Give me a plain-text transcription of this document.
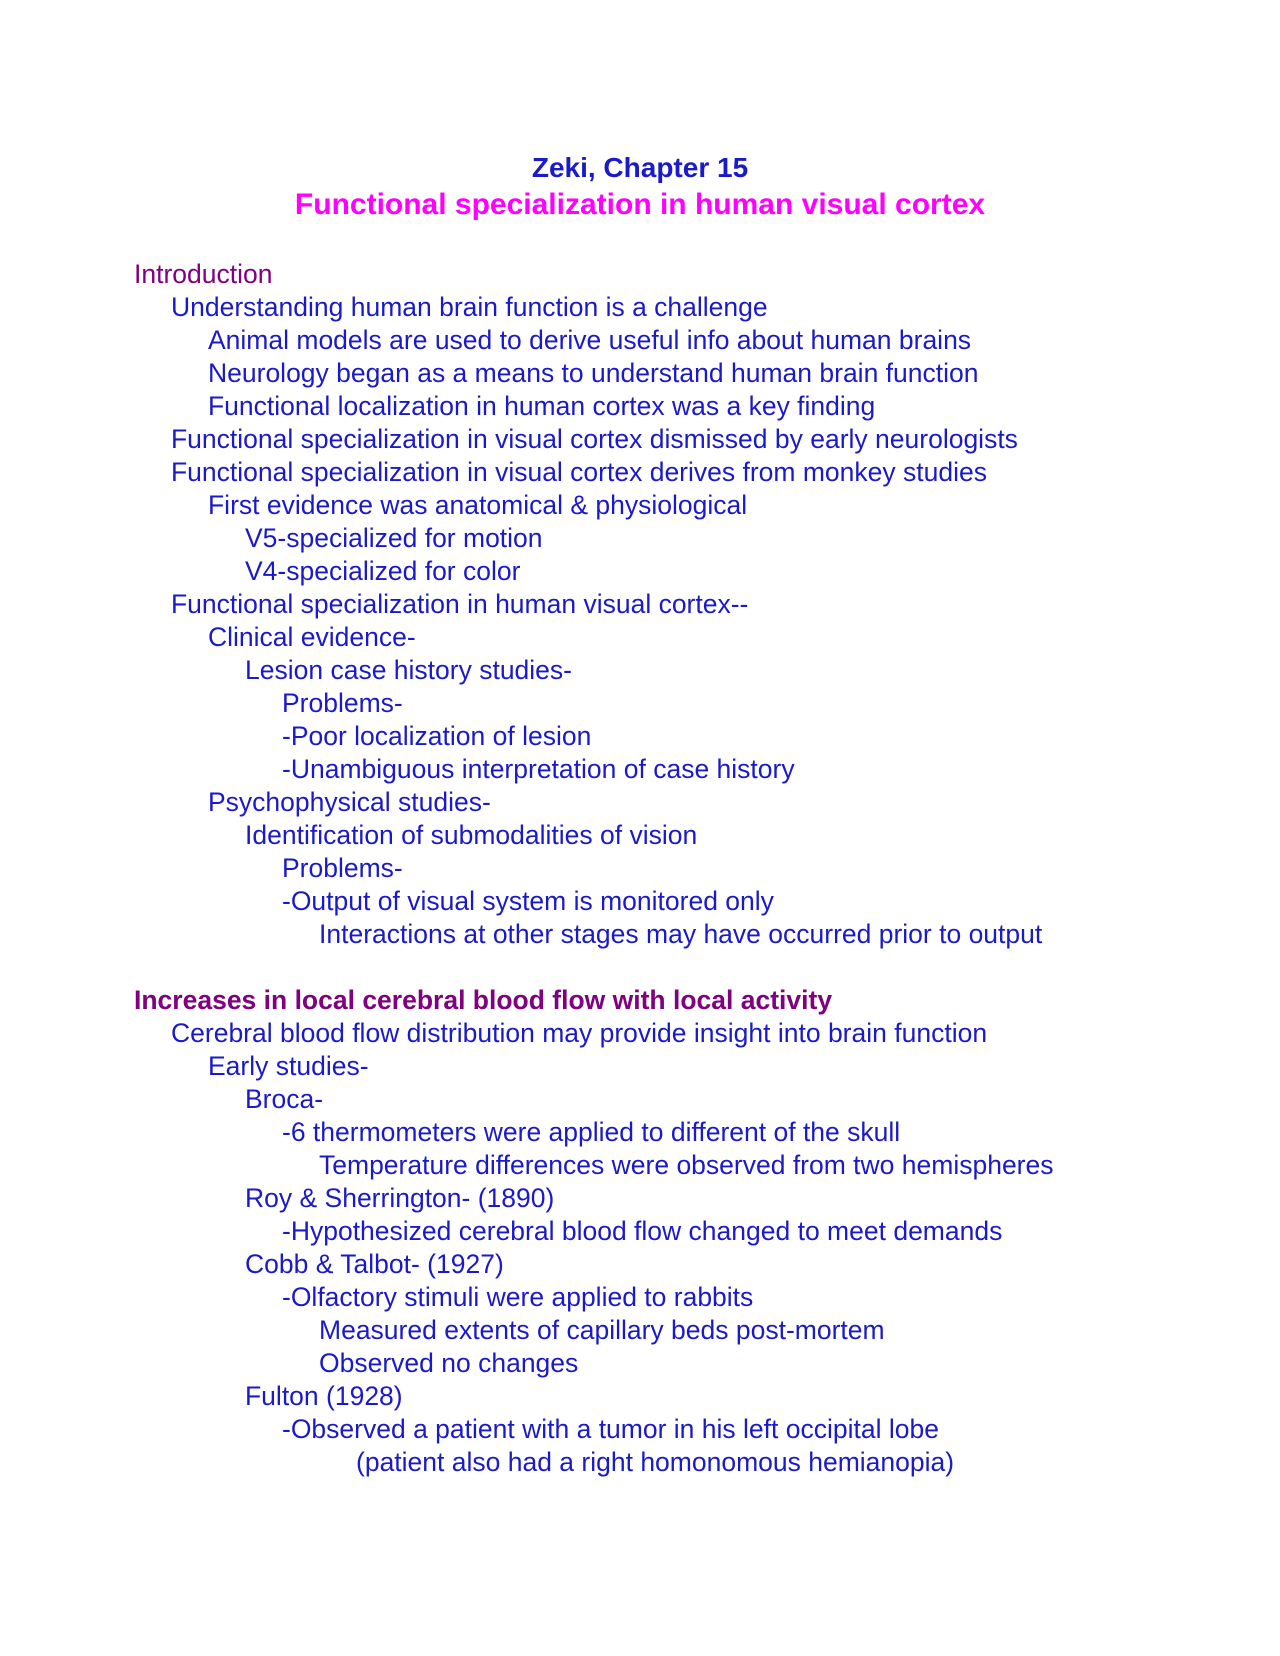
Zeki, Chapter 15
Functional specialization in human visual cortex
Introduction
Understanding human brain function is a challenge
Animal models are used to derive useful info about human brains
Neurology began as a means to understand human brain function
Functional localization in human cortex was a key finding
Functional specialization in visual cortex dismissed by early neurologists
Functional specialization in visual cortex derives from monkey studies
First evidence was anatomical & physiological
V5-specialized for motion
V4-specialized for color
Functional specialization in human visual cortex--
Clinical evidence-
Lesion case history studies-
Problems-
-Poor localization of lesion
-Unambiguous interpretation of case history
Psychophysical studies-
Identification of submodalities of vision
Problems-
-Output of visual system is monitored only
Interactions at other stages may have occurred prior to output
Increases in local cerebral blood flow with local activity
Cerebral blood flow distribution may provide insight into brain function
Early studies-
Broca-
-6 thermometers were applied to different of the skull
Temperature differences were observed from two hemispheres
Roy & Sherrington- (1890)
-Hypothesized cerebral blood flow changed to meet demands
Cobb & Talbot- (1927)
-Olfactory stimuli were applied to rabbits
Measured extents of capillary beds post-mortem
Observed no changes
Fulton (1928)
-Observed a patient with a tumor in his left occipital lobe
(patient also had a right homonomous hemianopia)
